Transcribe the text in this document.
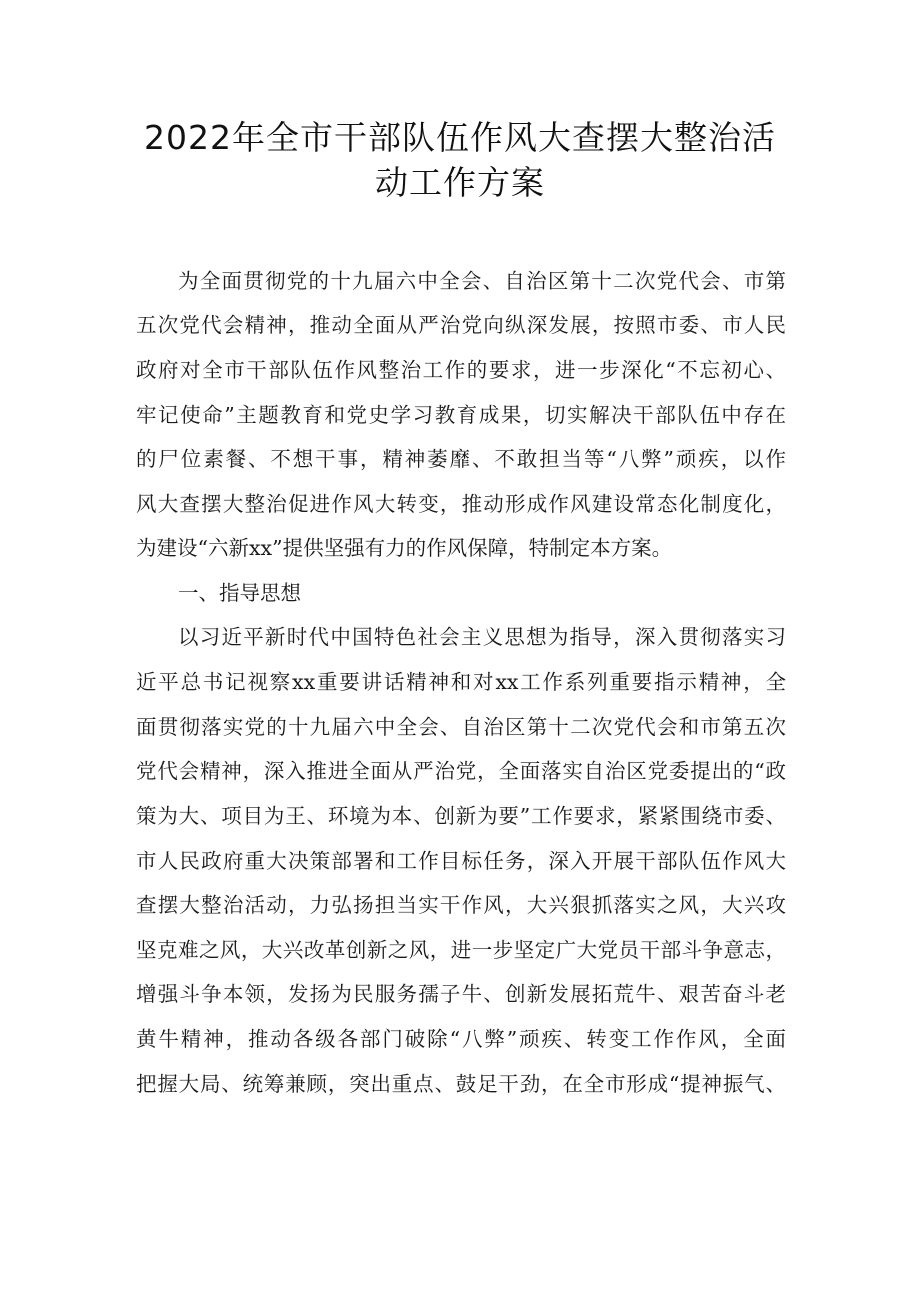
2022年全市干部队伍作风大查摆大整治活
动工作方案
为全面贯彻党的十九届六中全会、自治区第十二次党代会、市第
五次党代会精神，推动全面从严治党向纵深发展，按照市委、市人民
政府对全市干部队伍作风整治工作的要求，进一步深化“不忘初心、
牢记使命”主题教育和党史学习教育成果，切实解决干部队伍中存在
的尸位素餐、不想干事，精神萎靡、不敢担当等“八弊”顽疾，以作
风大查摆大整治促进作风大转变，推动形成作风建设常态化制度化，
为建设“六新xx”提供坚强有力的作风保障，特制定本方案。
一、指导思想
以习近平新时代中国特色社会主义思想为指导，深入贯彻落实习
近平总书记视察xx重要讲话精神和对xx工作系列重要指示精神，全
面贯彻落实党的十九届六中全会、自治区第十二次党代会和市第五次
党代会精神，深入推进全面从严治党，全面落实自治区党委提出的“政
策为大、项目为王、环境为本、创新为要”工作要求，紧紧围绕市委、
市人民政府重大决策部署和工作目标任务，深入开展干部队伍作风大
查摆大整治活动，力弘扬担当实干作风，大兴狠抓落实之风，大兴攻
坚克难之风，大兴改革创新之风，进一步坚定广大党员干部斗争意志，
增强斗争本领，发扬为民服务孺子牛、创新发展拓荒牛、艰苦奋斗老
黄牛精神，推动各级各部门破除“八弊”顽疾、转变工作作风，全面
把握大局、统筹兼顾，突出重点、鼓足干劲，在全市形成“提神振气、
